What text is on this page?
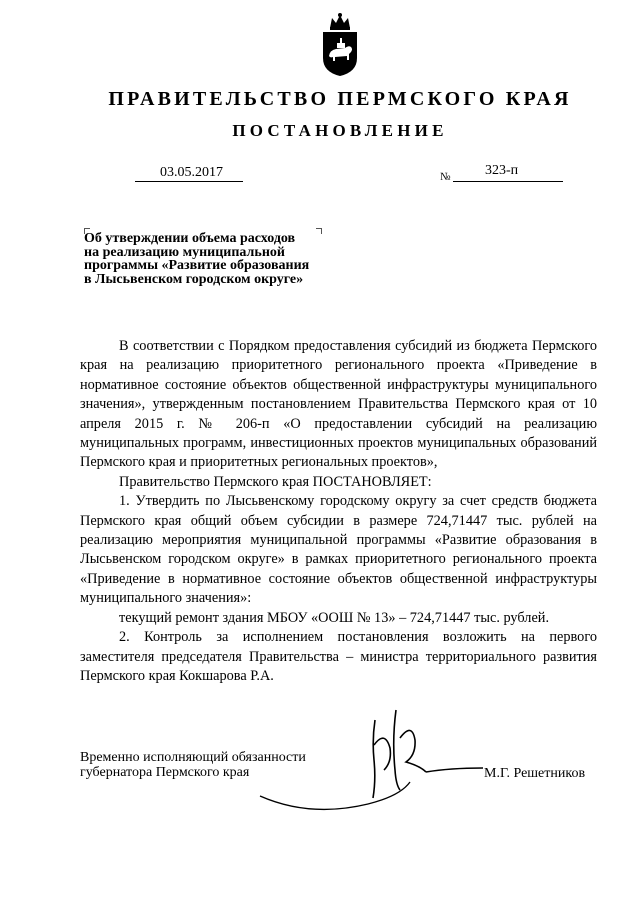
ПРАВИТЕЛЬСТВО ПЕРМСКОГО КРАЯ
ПОСТАНОВЛЕНИЕ
03.05.2017	№ 323-п
Об утверждении объема расходов
на реализацию муниципальной
программы «Развитие образования
в Лысьвенском городском округе»

В соответствии с Порядком предоставления субсидий из бюджета Пермского края на реализацию приоритетного регионального проекта «Приведение в нормативное состояние объектов общественной инфраструктуры муниципального значения», утвержденным постановлением Правительства Пермского края от 10 апреля 2015 г. № 206-п «О предоставлении субсидий на реализацию муниципальных программ, инвестиционных проектов муниципальных образований Пермского края и приоритетных региональных проектов»,

Правительство Пермского края ПОСТАНОВЛЯЕТ:

1. Утвердить по Лысьвенскому городскому округу за счет средств бюджета Пермского края общий объем субсидии в размере 724,71447 тыс. рублей на реализацию мероприятия муниципальной программы «Развитие образования в Лысьвенском городском округе» в рамках приоритетного регионального проекта «Приведение в нормативное состояние объектов общественной инфраструктуры муниципального значения»:

текущий ремонт здания МБОУ «ООШ № 13» – 724,71447 тыс. рублей.

2. Контроль за исполнением постановления возложить на первого заместителя председателя Правительства – министра территориального развития Пермского края Кокшарова Р.А.

Временно исполняющий обязанности
губернатора Пермского края	М.Г. Решетников
